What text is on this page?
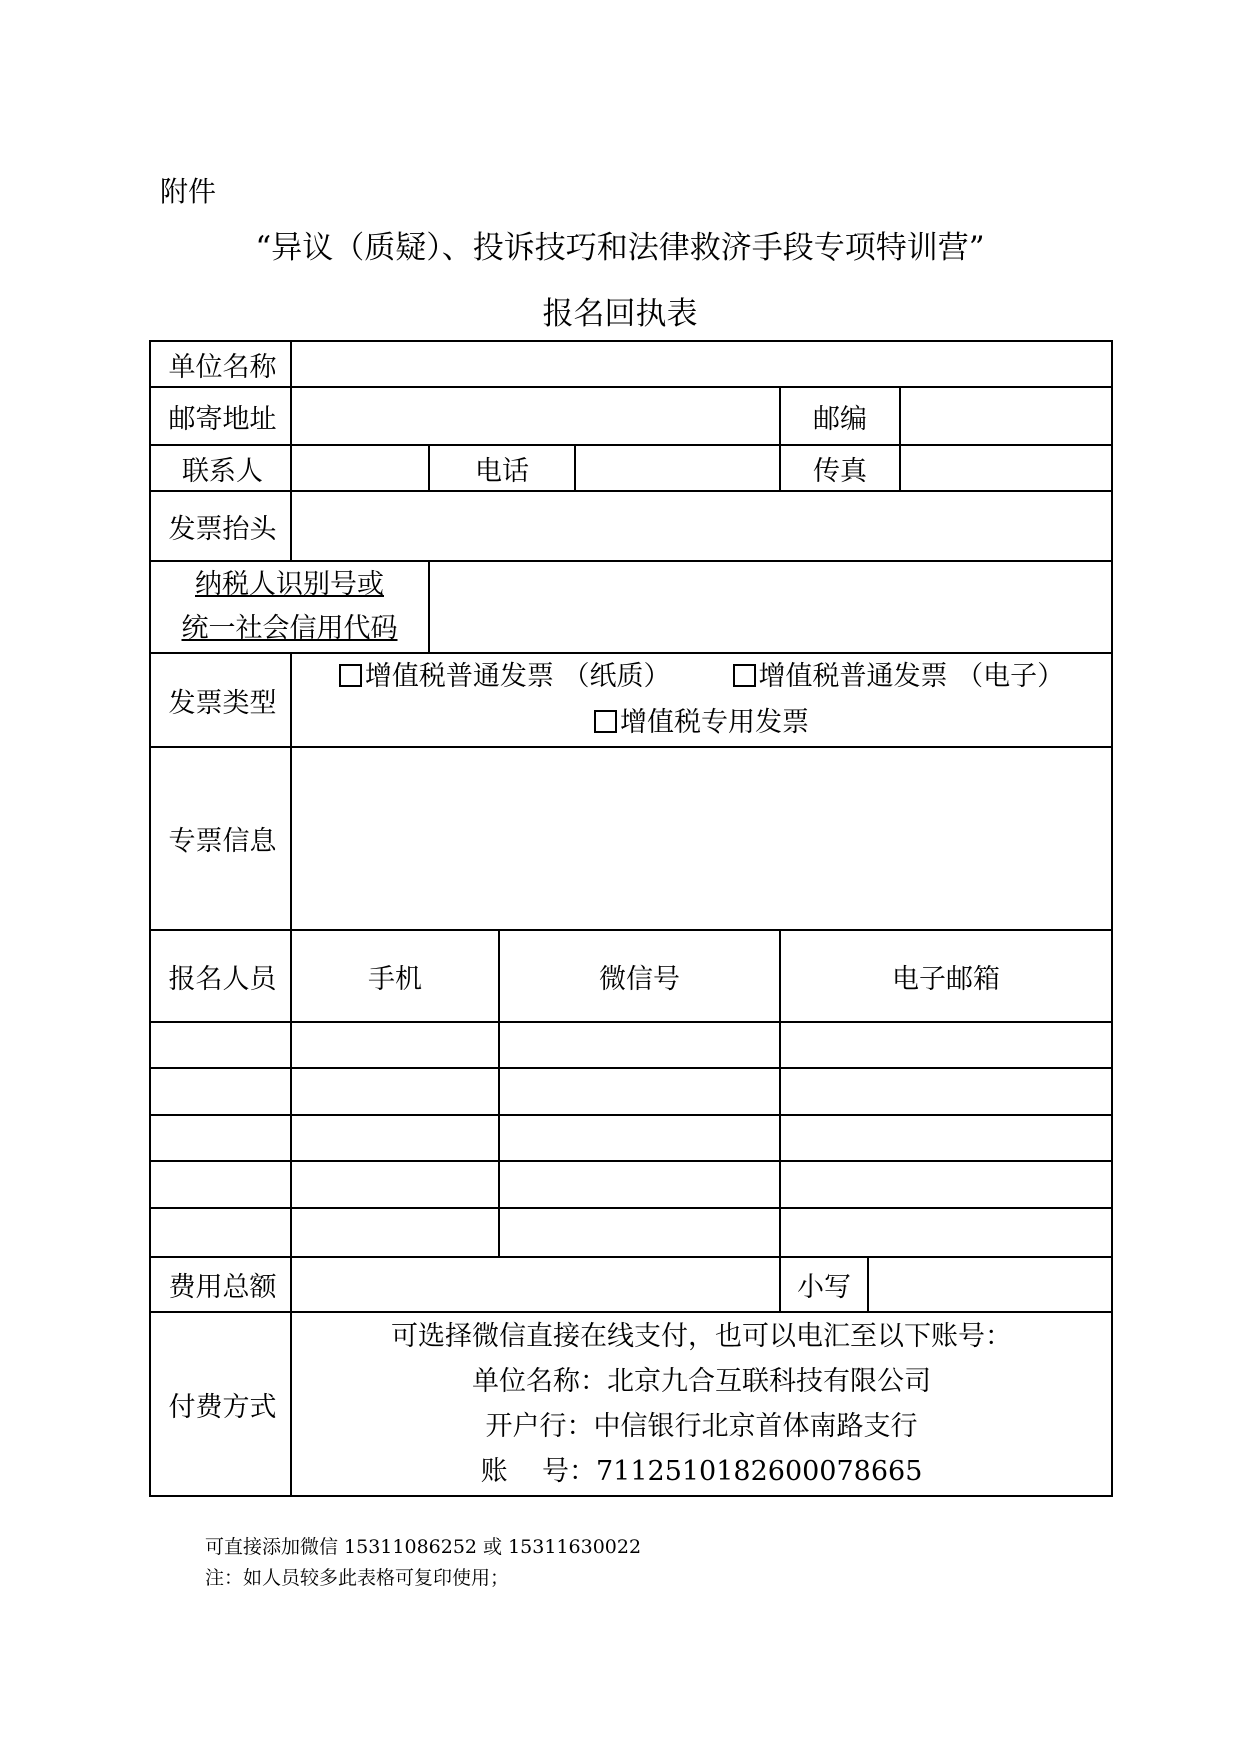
附件
“异议（质疑）、投诉技巧和法律救济手段专项特训营”
报名回执表
单位名称							
邮寄地址					邮编		
联系人		电话			传真		
发票抬头							

纳税人识别号或
统一社会信用代码							

发票类型	增值税普通发票 （纸质） 增值税普通发票 （电子）
增值税专用发票						

专票信息							
报名人员	手机		微信号		电子邮箱		

费用总额					小写		
付费方式	可选择微信直接在线支付，也可以电汇至以下账号：
单位名称：北京九合互联科技有限公司
开户行：中信银行北京首体南路支行
账    号：7112510182600078665						
可直接添加微信 15311086252 或 15311630022
注：如人员较多此表格可复印使用；
